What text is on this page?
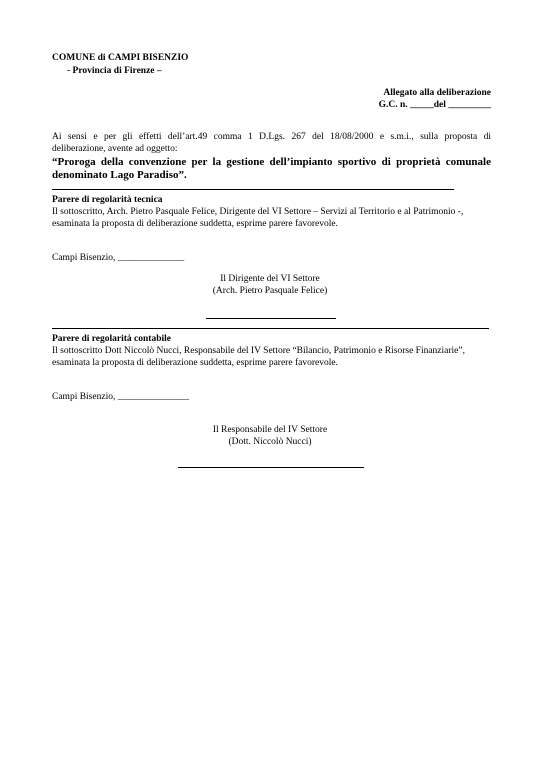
COMUNE di CAMPI BISENZIO
- Provincia di Firenze –
Allegato alla deliberazione
G.C. n. _____del _________
Ai sensi e per gli effetti dell’art.49 comma 1 D.Lgs. 267 del 18/08/2000 e s.m.i., sulla proposta di
deliberazione, avente ad oggetto:
“Proroga della convenzione per la gestione dell’impianto sportivo di proprietà comunale
denominato Lago Paradiso”.
Parere di regolarità tecnica
Il sottoscritto, Arch. Pietro Pasquale Felice, Dirigente del VI Settore – Servizi al Territorio e al Patrimonio -,
esaminata la proposta di deliberazione suddetta, esprime parere favorevole.
Campi Bisenzio, ______________
Il Dirigente del VI Settore
(Arch. Pietro Pasquale Felice)
Parere di regolarità contabile
Il sottoscritto Dott Niccolò Nucci, Responsabile del IV Settore “Bilancio, Patrimonio e Risorse Finanziarie”,
esaminata la proposta di deliberazione suddetta, esprime parere favorevole.
Campi Bisenzio, _______________
Il Responsabile del IV Settore
(Dott. Niccolò Nucci)
